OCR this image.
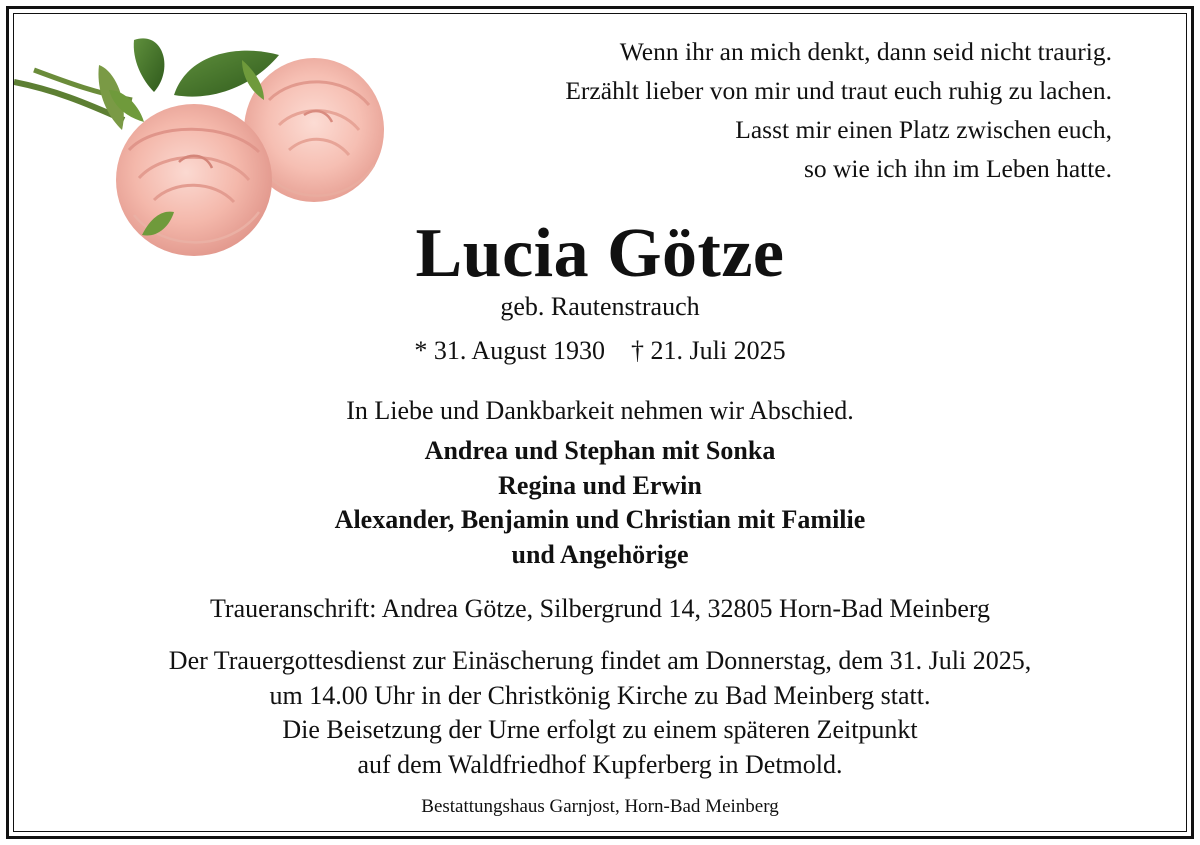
Wenn ihr an mich denkt, dann seid nicht traurig.
Erzählt lieber von mir und traut euch ruhig zu lachen.
Lasst mir einen Platz zwischen euch,
so wie ich ihn im Leben hatte.
Lucia Götze
geb. Rautenstrauch
* 31. August 1930 † 21. Juli 2025
In Liebe und Dankbarkeit nehmen wir Abschied.
Andrea und Stephan mit Sonka
Regina und Erwin
Alexander, Benjamin und Christian mit Familie
und Angehörige
Traueranschrift: Andrea Götze, Silbergrund 14, 32805 Horn-Bad Meinberg
Der Trauergottesdienst zur Einäscherung findet am Donnerstag, dem 31. Juli 2025,
um 14.00 Uhr in der Christkönig Kirche zu Bad Meinberg statt.
Die Beisetzung der Urne erfolgt zu einem späteren Zeitpunkt
auf dem Waldfriedhof Kupferberg in Detmold.
Bestattungshaus Garnjost, Horn-Bad Meinberg
